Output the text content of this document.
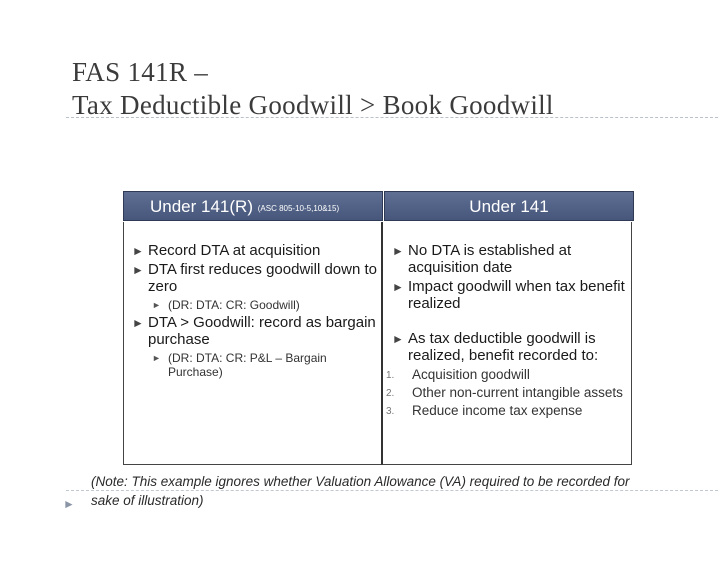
FAS 141R –
Tax Deductible Goodwill > Book Goodwill
Under 141(R) (ASC 805-10-5,10&15)	Under 141
► Record DTA at acquisition
► DTA first reduces goodwill down to zero
► (DR: DTA: CR: Goodwill)
► DTA > Goodwill: record as bargain purchase
► (DR: DTA: CR: P&L – Bargain Purchase)
► No DTA is established at acquisition date
► Impact goodwill when tax benefit realized
► As tax deductible goodwill is realized, benefit recorded to:
1. Acquisition goodwill
2. Other non-current intangible assets
3. Reduce income tax expense
(Note: This example ignores whether Valuation Allowance (VA) required to be recorded for sake of illustration)
►
